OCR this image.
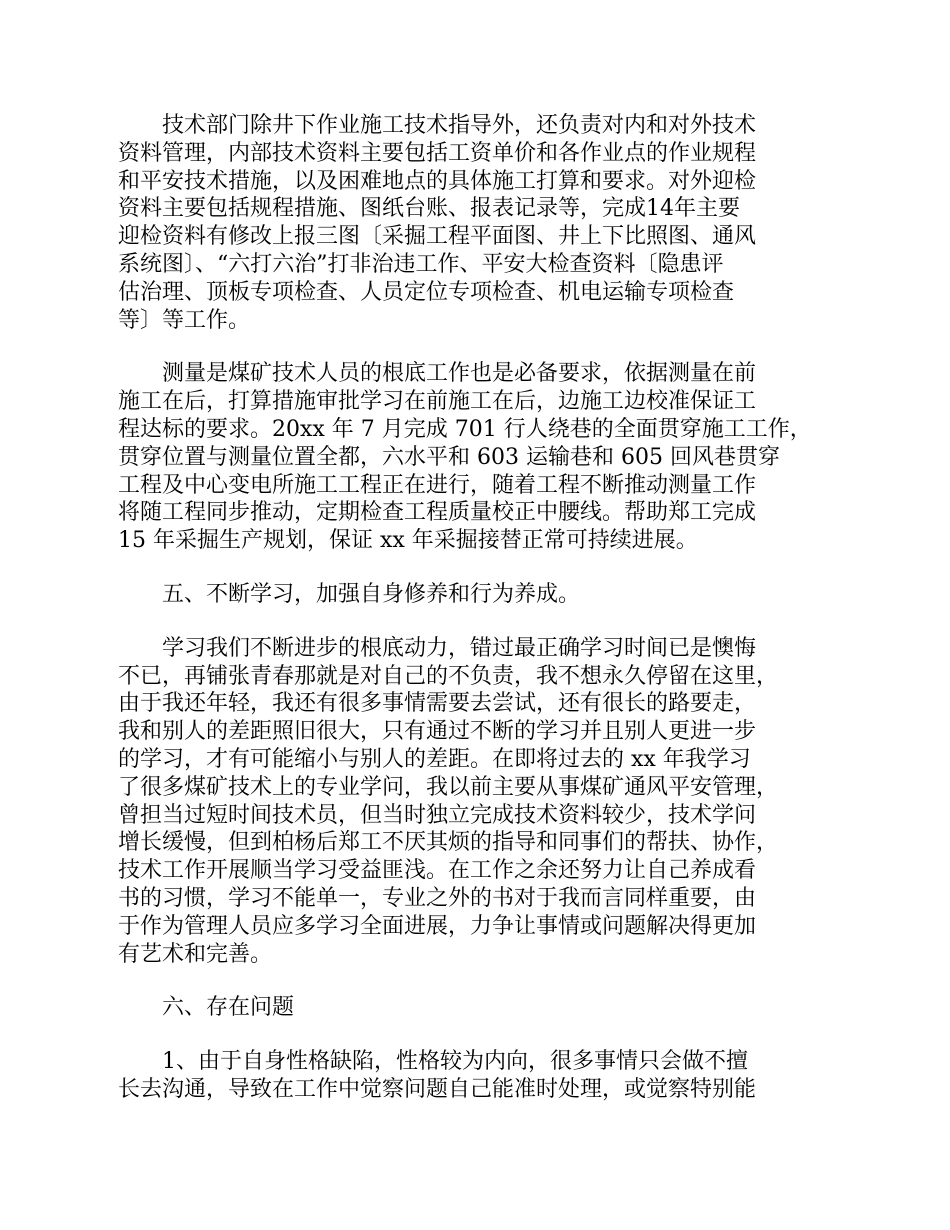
技术部门除井下作业施工技术指导外，还负责对内和对外技术
资料管理，内部技术资料主要包括工资单价和各作业点的作业规程
和平安技术措施，以及困难地点的具体施工打算和要求。对外迎检
资料主要包括规程措施、图纸台账、报表记录等，完成14年主要
迎检资料有修改上报三图〔采掘工程平面图、井上下比照图、通风
系统图〕、“六打六治”打非治违工作、平安大检查资料〔隐患评
估治理、顶板专项检查、人员定位专项检查、机电运输专项检查
等〕等工作。
测量是煤矿技术人员的根底工作也是必备要求，依据测量在前
施工在后，打算措施审批学习在前施工在后，边施工边校准保证工
程达标的要求。20xx 年 7 月完成 701 行人绕巷的全面贯穿施工工作，
贯穿位置与测量位置全都，六水平和 603 运输巷和 605 回风巷贯穿
工程及中心变电所施工工程正在进行，随着工程不断推动测量工作
将随工程同步推动，定期检查工程质量校正中腰线。帮助郑工完成
15 年采掘生产规划，保证 xx 年采掘接替正常可持续进展。
五、不断学习，加强自身修养和行为养成。
学习我们不断进步的根底动力，错过最正确学习时间已是懊悔
不已，再铺张青春那就是对自己的不负责，我不想永久停留在这里，
由于我还年轻，我还有很多事情需要去尝试，还有很长的路要走，
我和别人的差距照旧很大，只有通过不断的学习并且别人更进一步
的学习，才有可能缩小与别人的差距。在即将过去的 xx 年我学习
了很多煤矿技术上的专业学问，我以前主要从事煤矿通风平安管理，
曾担当过短时间技术员，但当时独立完成技术资料较少，技术学问
增长缓慢，但到柏杨后郑工不厌其烦的指导和同事们的帮扶、协作，
技术工作开展顺当学习受益匪浅。在工作之余还努力让自己养成看
书的习惯，学习不能单一，专业之外的书对于我而言同样重要，由
于作为管理人员应多学习全面进展，力争让事情或问题解决得更加
有艺术和完善。
六、存在问题
1、由于自身性格缺陷，性格较为内向，很多事情只会做不擅
长去沟通，导致在工作中觉察问题自己能准时处理，或觉察特别能
